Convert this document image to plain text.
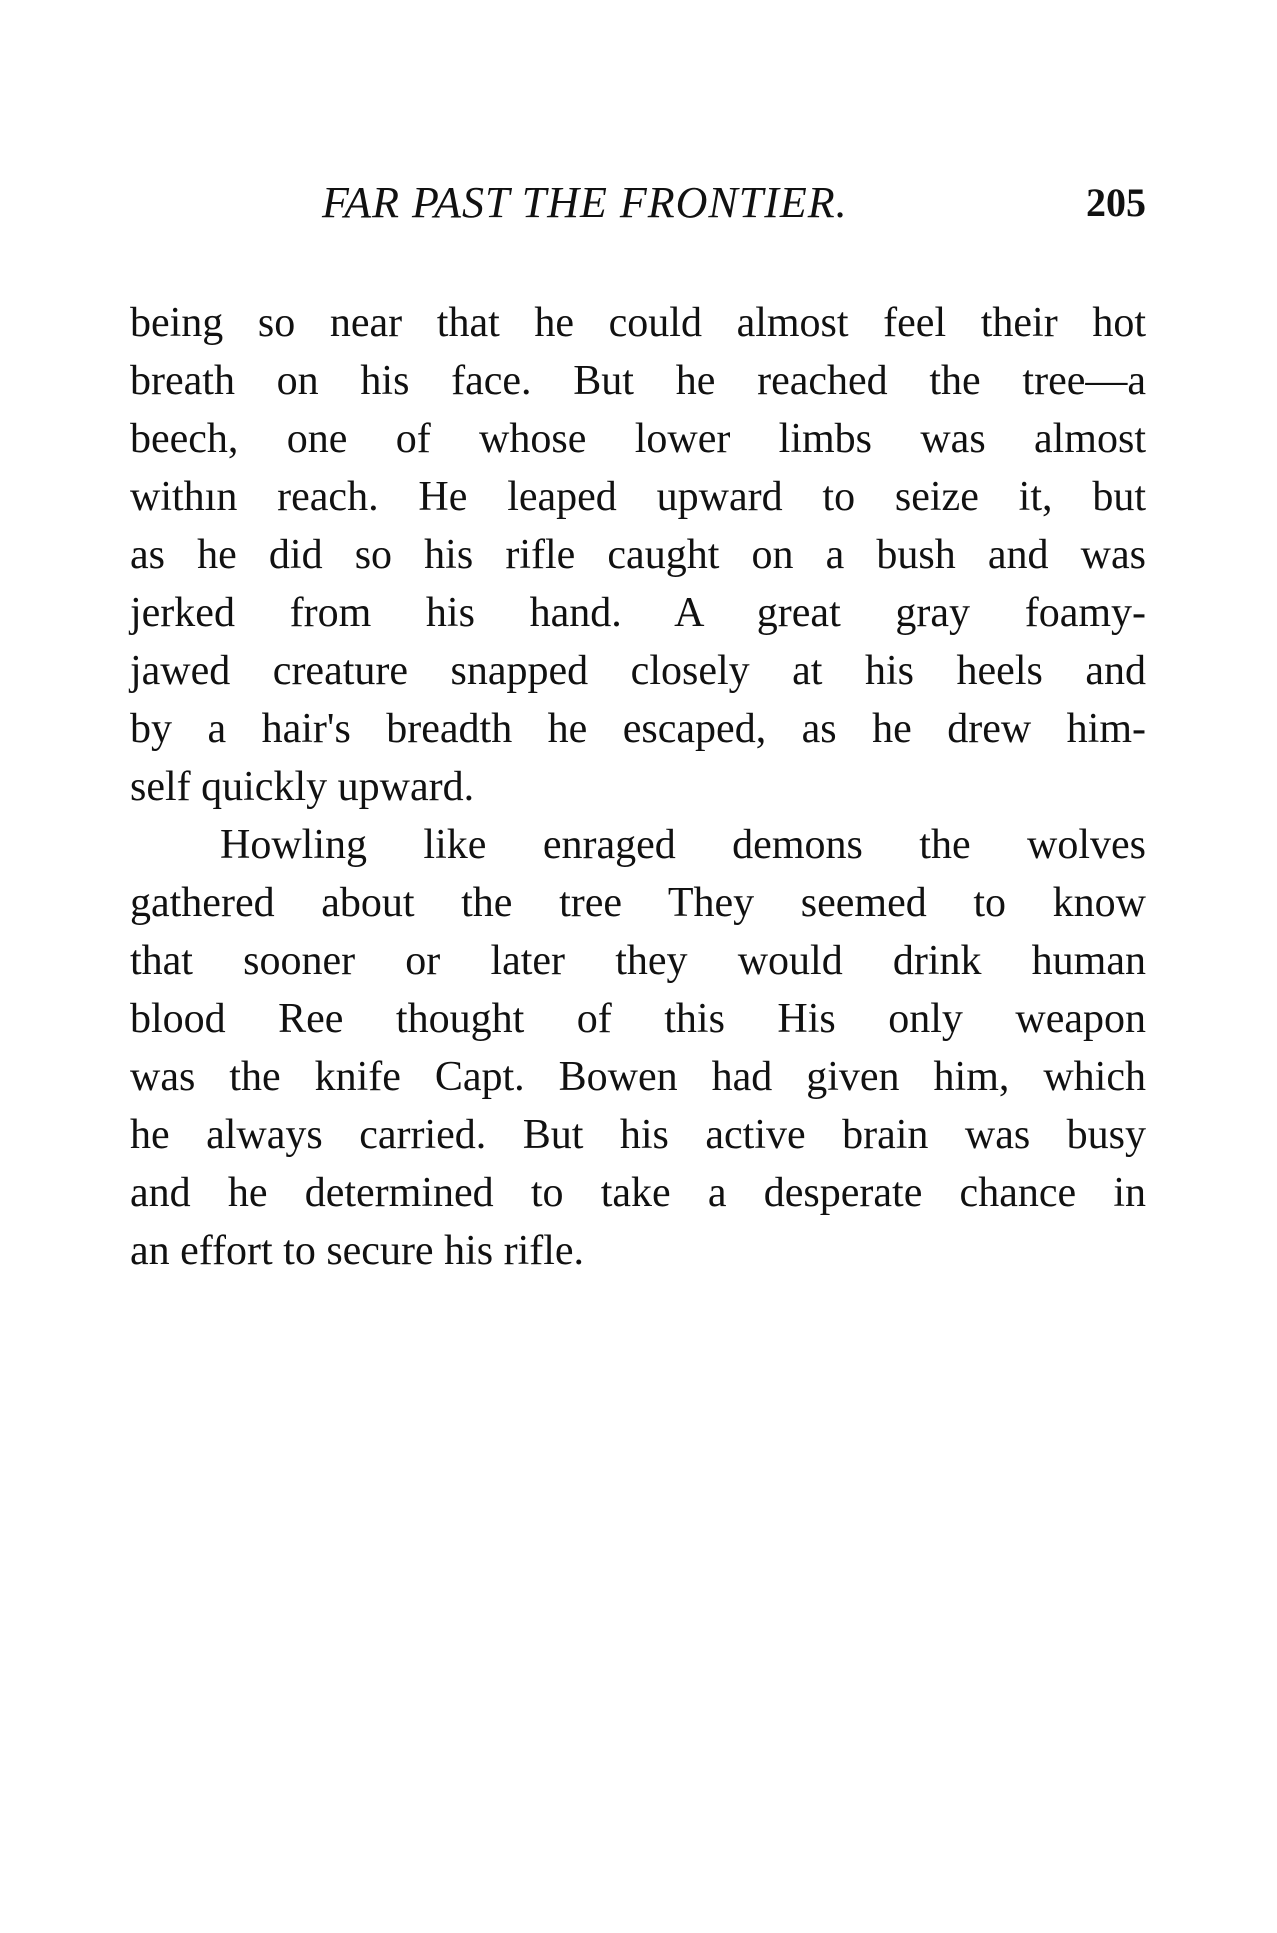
FAR PAST THE FRONTIER.	205
being so near that he could almost feel their hot
breath on his face. But he reached the tree—a
beech, one of whose lower limbs was almost
withın reach. He leaped upward to seize it, but
as he did so his rifle caught on a bush and was
jerked from his hand. A great gray foamy-
jawed creature snapped closely at his heels and
by a hair's breadth he escaped, as he drew him-
self quickly upward.
Howling like enraged demons the wolves
gathered about the tree They seemed to know
that sooner or later they would drink human
blood Ree thought of this His only weapon
was the knife Capt. Bowen had given him, which
he always carried. But his active brain was busy
and he determined to take a desperate chance in
an effort to secure his rifle.
